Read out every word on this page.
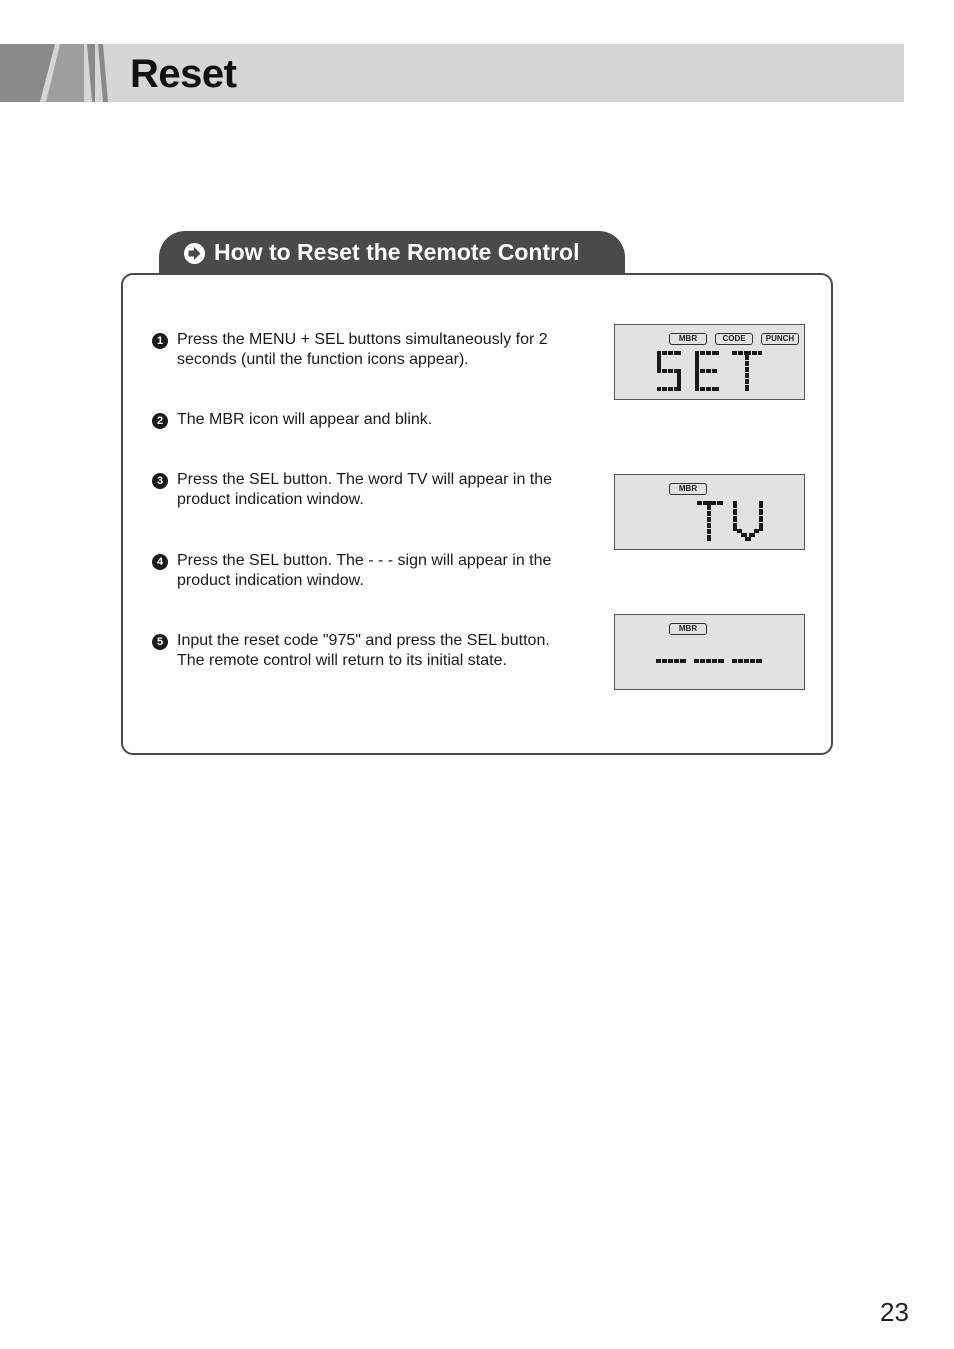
Reset
How to Reset the Remote Control
1 Press the MENU + SEL buttons simultaneously for 2
seconds (until the function icons appear).
2 The MBR icon will appear and blink.
3 Press the SEL button. The word TV will appear in the
product indication window.
4 Press the SEL button. The - - - sign will appear in the
product indication window.
5 Input the reset code "975" and press the SEL button.
The remote control will return to its initial state.
MBR	CODE	PUNCH
MBR
MBR
23
